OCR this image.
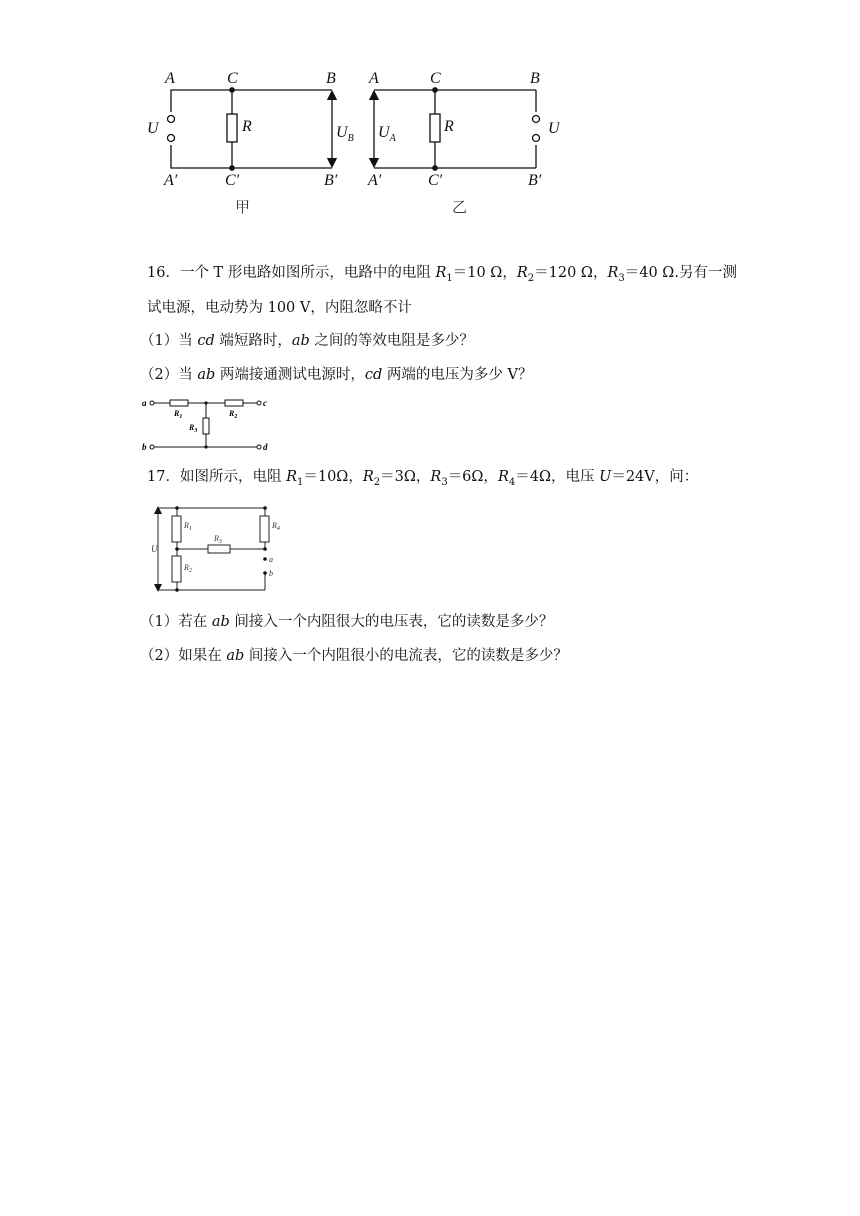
A	C	B
U	R	$U_B$
A′	C′	B′
甲
A	C	B
$U_A$
R	U
A′	C′	B′
乙
16．一个 T 形电路如图所示，电路中的电阻 $R_1=10$ Ω，$R_2=120$ Ω，$R_3=40$ Ω.另有一测
试电源，电动势为 100 V，内阻忽略不计
（1）当 cd 端短路时，ab 之间的等效电阻是多少？
（2）当 ab 两端接通测试电源时，cd 两端的电压为多少 V？
a
b
c
d
$R_1$	$R_2$
$R_3$
17．如图所示，电阻 $R_1=10\Omega$，$R_2=3\Omega$，$R_3=6\Omega$，$R_4=4\Omega$，电压 U＝24V，问：
U
$R_1$
$R_2$
$R_3$
$R_4$
a
b
（1）若在 ab 间接入一个内阻很大的电压表，它的读数是多少？
（2）如果在 ab 间接入一个内阻很小的电流表，它的读数是多少？
